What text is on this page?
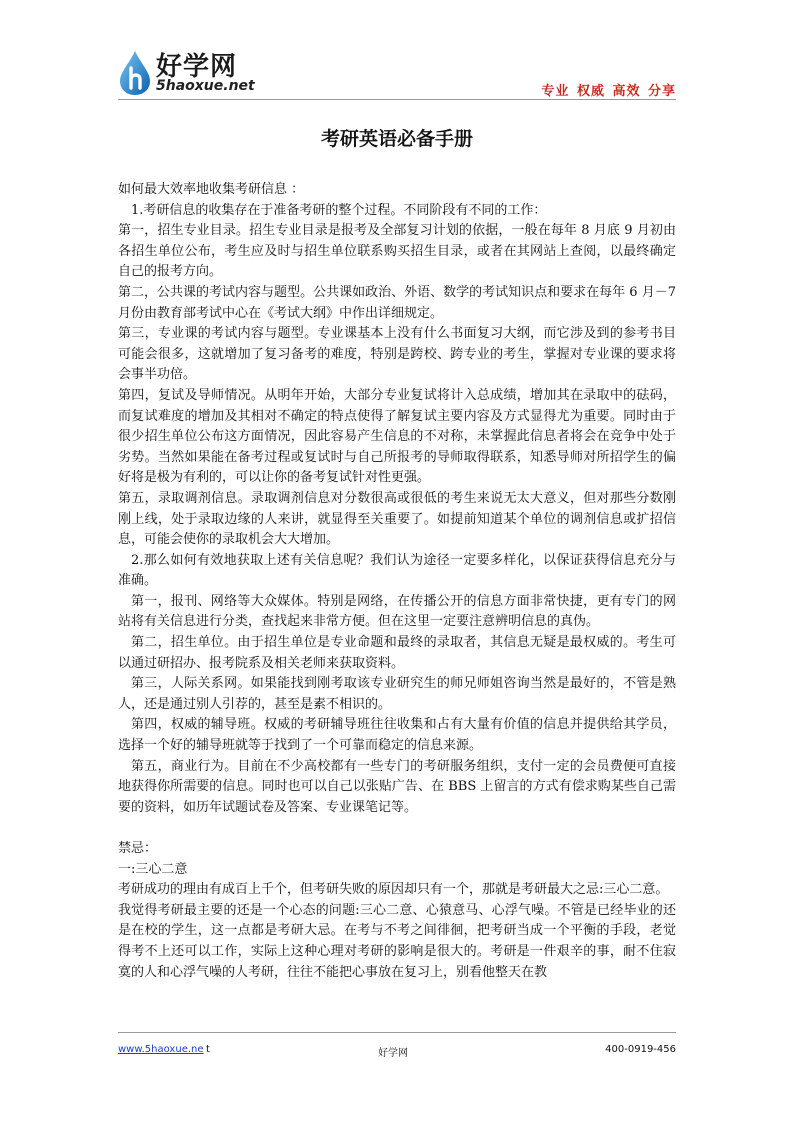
好学网
5haoxue.net	专业 权威 高效 分享
考研英语必备手册

如何最大效率地收集考研信息 ：

1.考研信息的收集存在于准备考研的整个过程。不同阶段有不同的工作：

第一，招生专业目录。招生专业目录是报考及全部复习计划的依据，一般在每年 8 月底 9 月初由各招生单位公布，考生应及时与招生单位联系购买招生目录，或者在其网站上查阅，以最终确定自己的报考方向。

第二，公共课的考试内容与题型。公共课如政治、外语、数学的考试知识点和要求在每年 6 月－7 月份由教育部考试中心在《考试大纲》中作出详细规定。

第三，专业课的考试内容与题型。专业课基本上没有什么书面复习大纲，而它涉及到的参考书目可能会很多，这就增加了复习备考的难度，特别是跨校、跨专业的考生，掌握对专业课的要求将会事半功倍。

第四，复试及导师情况。从明年开始，大部分专业复试将计入总成绩，增加其在录取中的砝码，而复试难度的增加及其相对不确定的特点使得了解复试主要内容及方式显得尤为重要。同时由于很少招生单位公布这方面情况，因此容易产生信息的不对称，未掌握此信息者将会在竞争中处于劣势。当然如果能在备考过程或复试时与自己所报考的导师取得联系，知悉导师对所招学生的偏好将是极为有利的，可以让你的备考复试针对性更强。

第五，录取调剂信息。录取调剂信息对分数很高或很低的考生来说无太大意义，但对那些分数刚刚上线，处于录取边缘的人来讲，就显得至关重要了。如提前知道某个单位的调剂信息或扩招信息，可能会使你的录取机会大大增加。

2.那么如何有效地获取上述有关信息呢？我们认为途径一定要多样化，以保证获得信息充分与准确。

第一，报刊、网络等大众媒体。特别是网络，在传播公开的信息方面非常快捷，更有专门的网站将有关信息进行分类，查找起来非常方便。但在这里一定要注意辨明信息的真伪。

第二，招生单位。由于招生单位是专业命题和最终的录取者，其信息无疑是最权威的。考生可以通过研招办、报考院系及相关老师来获取资料。

第三，人际关系网。如果能找到刚考取该专业研究生的师兄师姐咨询当然是最好的，不管是熟人，还是通过别人引荐的，甚至是素不相识的。

第四，权威的辅导班。权威的考研辅导班往往收集和占有大量有价值的信息并提供给其学员，选择一个好的辅导班就等于找到了一个可靠而稳定的信息来源。

第五，商业行为。目前在不少高校都有一些专门的考研服务组织，支付一定的会员费便可直接地获得你所需要的信息。同时也可以自己以张贴广告、在 BBS 上留言的方式有偿求购某些自己需要的资料，如历年试题试卷及答案、专业课笔记等。

禁忌：

一:三心二意

考研成功的理由有成百上千个，但考研失败的原因却只有一个，那就是考研最大之忌:三心二意。

我觉得考研最主要的还是一个心态的问题:三心二意、心猿意马、心浮气噪。不管是已经毕业的还是在校的学生，这一点都是考研大忌。在考与不考之间徘徊，把考研当成一个平衡的手段，老觉得考不上还可以工作，实际上这种心理对考研的影响是很大的。考研是一件艰辛的事，耐不住寂寞的人和心浮气噪的人考研，往往不能把心事放在复习上，别看他整天在教

www.5haoxue.ne t	好学网	400-0919-456
